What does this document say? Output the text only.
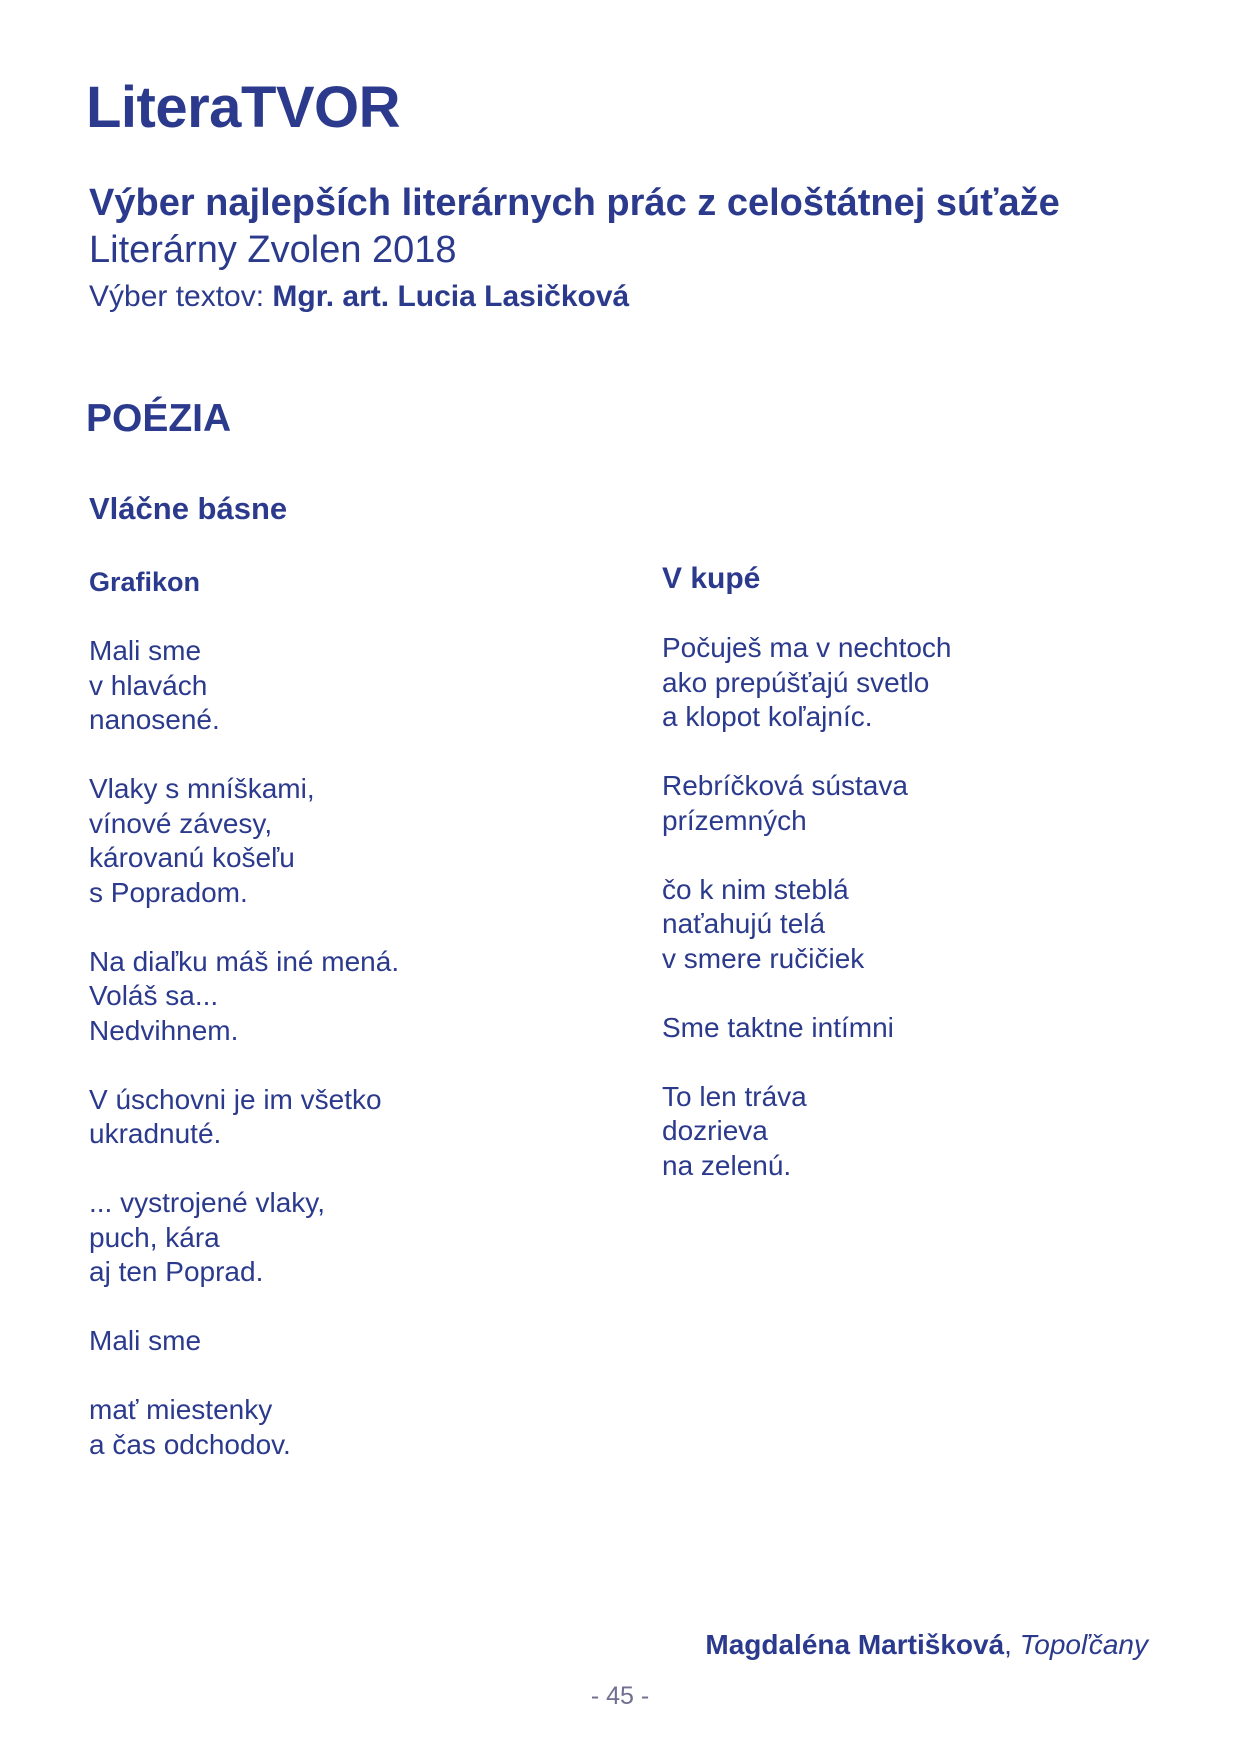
LiteraTVOR
Výber najlepších literárnych prác z celoštátnej súťaže
Literárny Zvolen 2018
Výber textov: Mgr. art. Lucia Lasičková
POÉZIA
Vláčne básne
Grafikon
Mali sme
v hlavách
nanosené.
Vlaky s mníškami,
vínové závesy,
károvanú košeľu
s Popradom.
Na diaľku máš iné mená.
Voláš sa...
Nedvihnem.
V úschovni je im všetko
ukradnuté.
... vystrojené vlaky,
puch, kára
aj ten Poprad.
Mali sme
mať miestenky
a čas odchodov.
V kupé
Počuješ ma v nechtoch
ako prepúšťajú svetlo
a klopot koľajníc.
Rebríčková sústava
prízemných
čo k nim steblá
naťahujú telá
v smere ručičiek
Sme taktne intímni
To len tráva
dozrieva
na zelenú.
Magdaléna Martišková, Topoľčany
- 45 -
